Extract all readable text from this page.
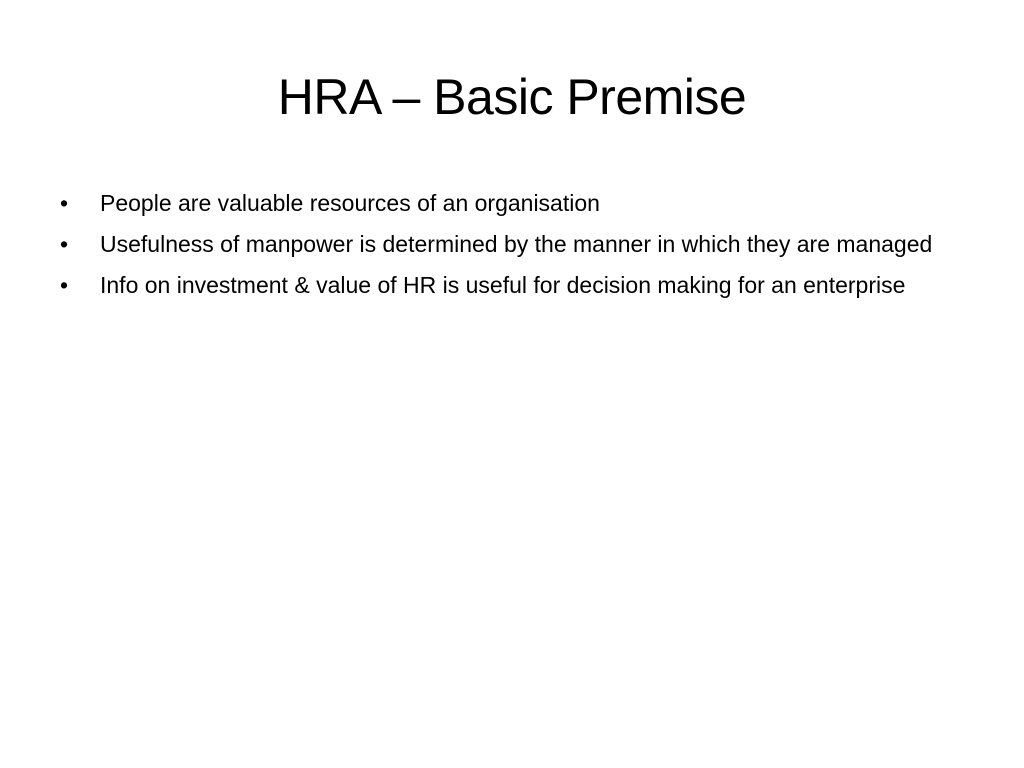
HRA – Basic Premise
•	People are valuable resources of an organisation
•	Usefulness of manpower is determined by the manner in which they are managed
•	Info on investment & value of HR is useful for decision making for an enterprise
